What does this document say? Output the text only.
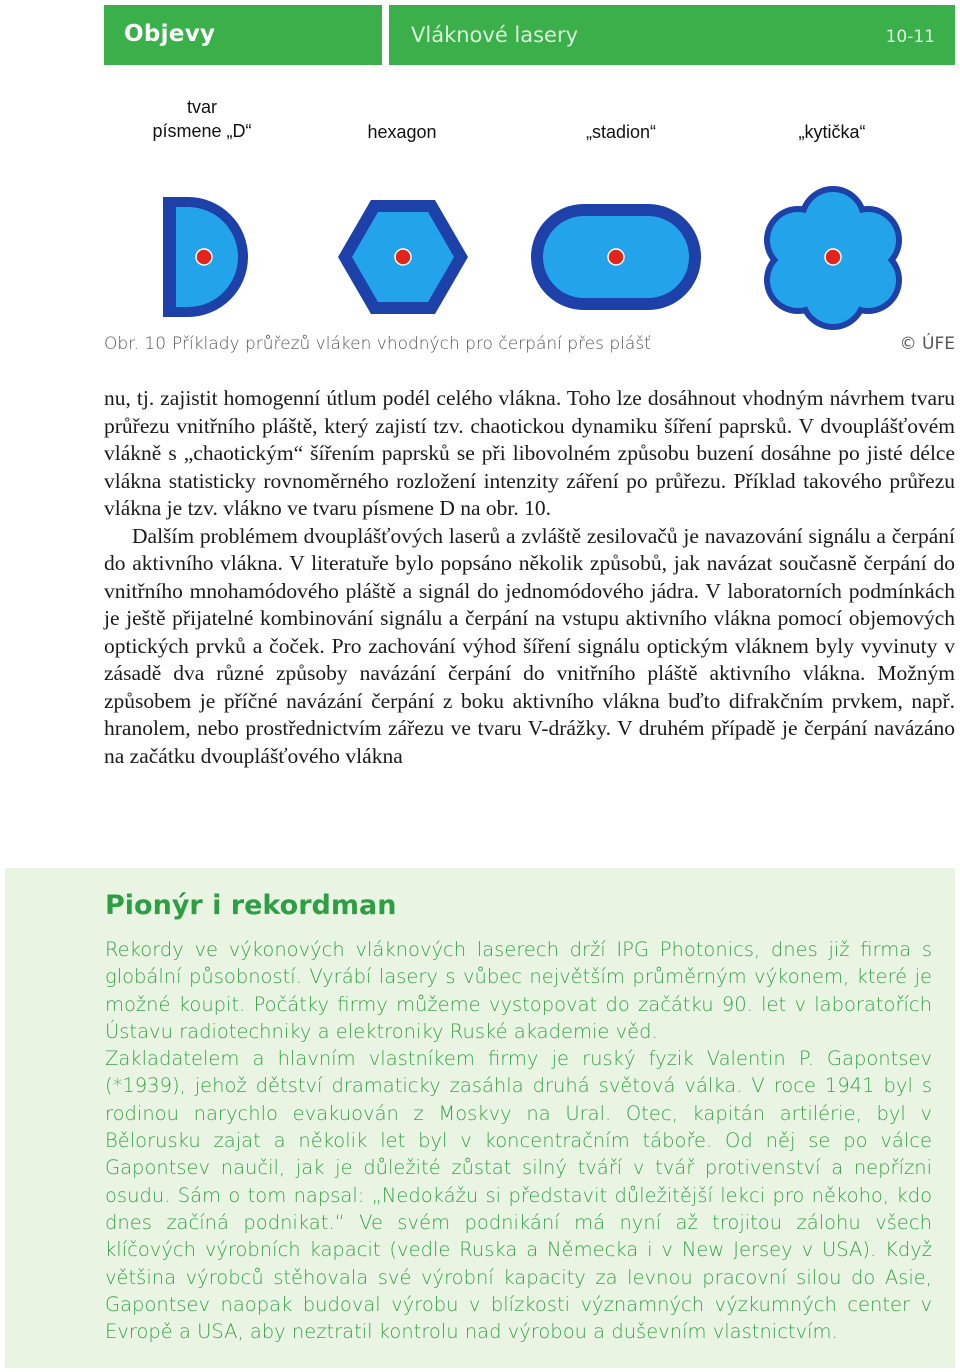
Objevy	Vláknové lasery	10-11
tvar písmene „D“	hexagon	„stadion“	„kytička“
Obr. 10 Příklady průřezů vláken vhodných pro čerpání přes plášť	© ÚFE

nu, tj. zajistit homogenní útlum podél celého vlákna. Toho lze dosáhnout vhodným návrhem tvaru průřezu vnitřního pláště, který zajistí tzv. chaotickou dynamiku šíření paprsků. V dvouplášťovém vlákně s „chaotickým“ šířením paprsků se při libovolném způsobu buzení dosáhne po jisté délce vlákna statisticky rovnoměrného rozložení intenzity záření po průřezu. Příklad takového průřezu vlákna je tzv. vlákno ve tvaru písmene D na obr. 10.

Dalším problémem dvouplášťových laserů a zvláště zesilovačů je navazování signálu a čerpání do aktivního vlákna. V literatuře bylo popsáno několik způsobů, jak navázat současně čerpání do vnitřního mnohamódového pláště a signál do jednomódového jádra. V laboratorních podmínkách je ještě přijatelné kombinování signálu a čerpání na vstupu aktivního vlákna pomocí objemových optických prvků a čoček. Pro zachování výhod šíření signálu optickým vláknem byly vyvinuty v zásadě dva různé způsoby navázání čerpání do vnitřního pláště aktivního vlákna. Možným způsobem je příčné navázání čerpání z boku aktivního vlákna buďto difrakčním prvkem, např. hranolem, nebo prostřednictvím zářezu ve tvaru V-drážky. V druhém případě je čerpání navázáno na začátku dvouplášťového vlákna

Pionýr i rekordman

Rekordy ve výkonových vláknových laserech drží IPG Photonics, dnes již firma s globální působností. Vyrábí lasery s vůbec největším průměrným výkonem, které je možné koupit. Počátky firmy můžeme vystopovat do začátku 90. let v laboratořích Ústavu radiotechniky a elektroniky Ruské akademie věd.

Zakladatelem a hlavním vlastníkem firmy je ruský fyzik Valentin P. Gapontsev (*1939), jehož dětství dramaticky zasáhla druhá světová válka. V roce 1941 byl s rodinou narychlo evakuován z Moskvy na Ural. Otec, kapitán artilérie, byl v Bělorusku zajat a několik let byl v koncentračním táboře. Od něj se po válce Gapontsev naučil, jak je důležité zůstat silný tváří v tvář protivenství a nepřízni osudu. Sám o tom napsal: „Nedokážu si představit důležitější lekci pro někoho, kdo dnes začíná podnikat.“ Ve svém podnikání má nyní až trojitou zálohu všech klíčových výrobních kapacit (vedle Ruska a Německa i v New Jersey v USA). Když většina výrobců stěhovala své výrobní kapacity za levnou pracovní silou do Asie, Gapontsev naopak budoval výrobu v blízkosti významných výzkumných center v Evropě a USA, aby neztratil kontrolu nad výrobou a duševním vlastnictvím.
